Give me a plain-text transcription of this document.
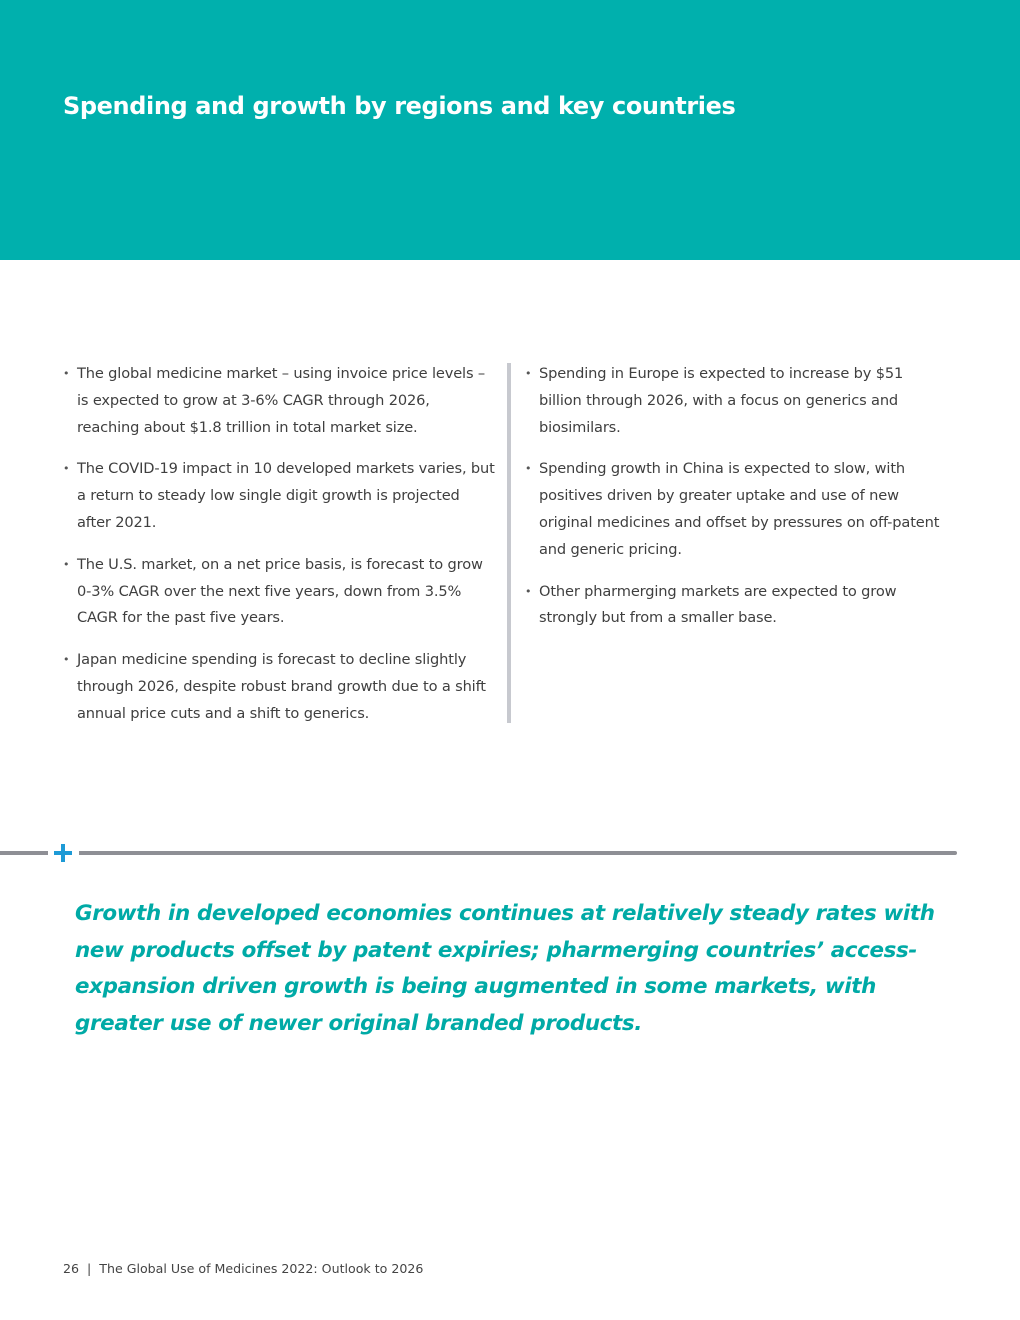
Spending and growth by regions and key countries
• The global medicine market – using invoice price levels – is expected to grow at 3-6% CAGR through 2026, reaching about $1.8 trillion in total market size.
• The COVID-19 impact in 10 developed markets varies, but a return to steady low single digit growth is projected after 2021.
• The U.S. market, on a net price basis, is forecast to grow 0-3% CAGR over the next five years, down from 3.5% CAGR for the past five years.
• Japan medicine spending is forecast to decline slightly through 2026, despite robust brand growth due to a shift annual price cuts and a shift to generics.
• Spending in Europe is expected to increase by $51 billion through 2026, with a focus on generics and biosimilars.
• Spending growth in China is expected to slow, with positives driven by greater uptake and use of new original medicines and offset by pressures on off-patent and generic pricing.
• Other pharmerging markets are expected to grow strongly but from a smaller base.

Growth in developed economies continues at relatively steady rates with new products offset by patent expiries; pharmerging countries’ access-expansion driven growth is being augmented in some markets, with greater use of newer original branded products.

26 | The Global Use of Medicines 2022: Outlook to 2026
